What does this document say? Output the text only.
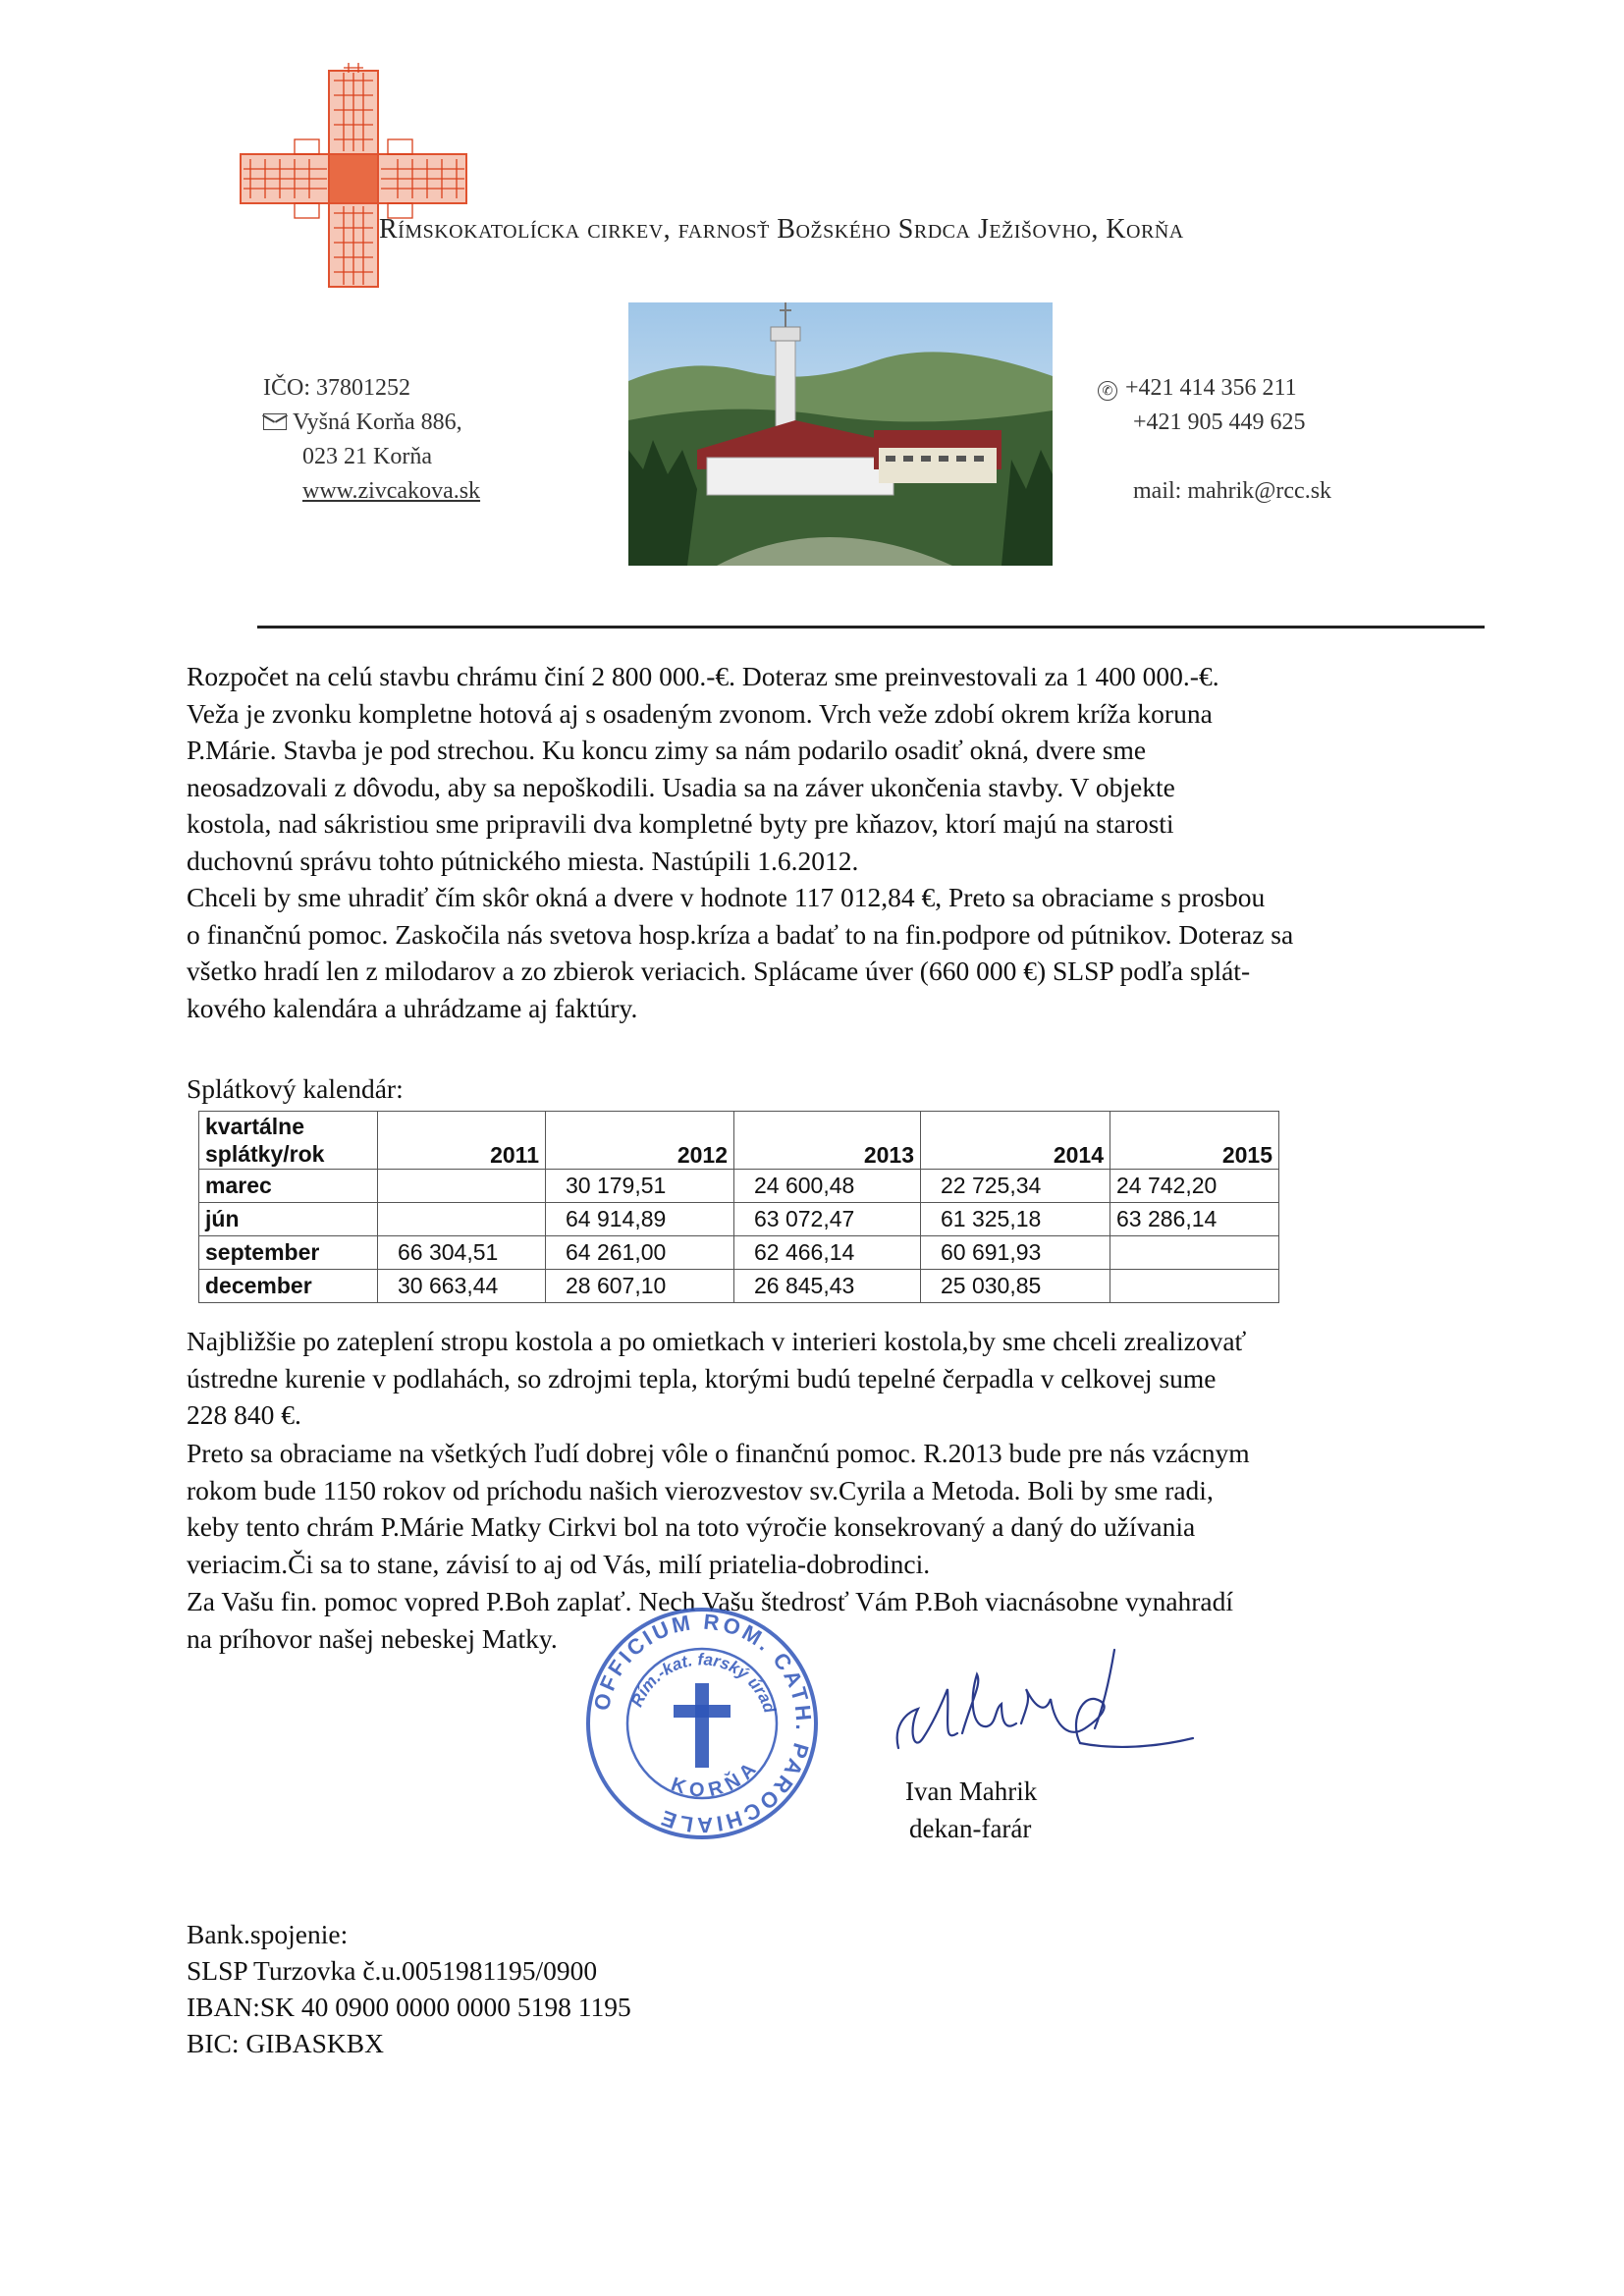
Rímskokatolícka cirkev, farnosť Božského Srdca Ježišovho, Korňa
IČO: 37801252
Vyšná Korňa 886,
023 21 Korňa
www.zivcakova.sk
✆ +421 414 356 211
+421 905 449 625
mail: mahrik@rcc.sk
Rozpočet na celú stavbu chrámu činí 2 800 000.-€. Doteraz sme preinvestovali za 1 400 000.-€.
Veža je zvonku kompletne hotová aj s osadeným zvonom. Vrch veže zdobí okrem kríža koruna
P.Márie. Stavba je pod strechou. Ku koncu zimy sa nám podarilo osadiť okná, dvere sme
neosadzovali z dôvodu, aby sa nepoškodili. Usadia sa na záver ukončenia stavby. V objekte
kostola, nad sákristiou sme pripravili dva kompletné byty pre kňazov, ktorí majú na starosti
duchovnú správu tohto pútnického miesta. Nastúpili 1.6.2012.
Chceli by sme uhradiť čím skôr okná a dvere v hodnote 117 012,84 €, Preto sa obraciame s prosbou
o finančnú pomoc. Zaskočila nás svetova hosp.kríza a badať to na fin.podpore od pútnikov. Doteraz sa
všetko hradí len z milodarov a zo zbierok veriacich. Splácame úver (660 000 €) SLSP podľa splát-
kového kalendára a uhrádzame aj faktúry.
Splátkový kalendár:
kvartálne
splátky/rok	2011	2012	2013	2014	2015
marec		30 179,51	24 600,48	22 725,34	24 742,20
jún		64 914,89	63 072,47	61 325,18	63 286,14
september	66 304,51	64 261,00	62 466,14	60 691,93	
december	30 663,44	28 607,10	26 845,43	25 030,85	
Najbližšie po zateplení stropu kostola a po omietkach v interieri kostola,by sme chceli zrealizovať
ústredne kurenie v podlahách, so zdrojmi tepla, ktorými budú tepelné čerpadla v celkovej sume
228 840 €.
Preto sa obraciame na všetkých ľudí dobrej vôle o finančnú pomoc. R.2013 bude pre nás vzácnym
rokom bude 1150 rokov od príchodu našich vierozvestov sv.Cyrila a Metoda. Boli by sme radi,
keby tento chrám P.Márie Matky Cirkvi bol na toto výročie konsekrovaný a daný do užívania
veriacim.Či sa to stane, závisí to aj od Vás, milí priatelia-dobrodinci.
Za Vašu fin. pomoc vopred P.Boh zaplať. Nech Vašu štedrosť Vám P.Boh viacnásobne vynahradí
na príhovor našej nebeskej Matky.
OFFICIUM ROM. CATH. PAROCHIALE
Rím.-kat. farský úrad
KORŇA
Ivan Mahrik
dekan-farár
Bank.spojenie:
SLSP Turzovka č.u.0051981195/0900
IBAN:SK 40 0900 0000 0000 5198 1195
BIC: GIBASKBX
